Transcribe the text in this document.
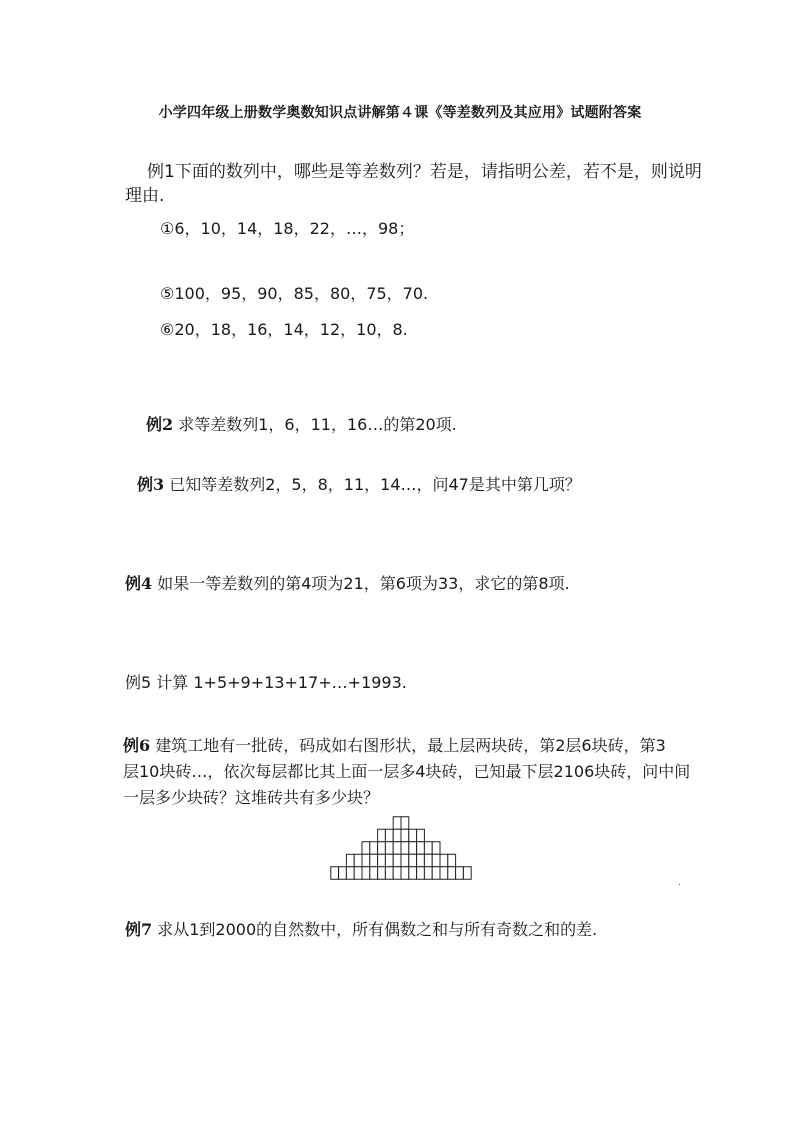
小学四年级上册数学奥数知识点讲解第４课《等差数列及其应用》试题附答案
例1下面的数列中，哪些是等差数列？若是，请指明公差，若不是，则说明
理由.
①6，10，14，18，22，…，98；
⑤100，95，90，85，80，75，70.
⑥20，18，16，14，12，10，8.
例2 求等差数列1，6，11，16…的第20项.
例3 已知等差数列2，5，8，11，14…，问47是其中第几项？
例4 如果一等差数列的第4项为21，第6项为33，求它的第8项.
例5 计算 1+5+9+13+17+…+1993.
例6 建筑工地有一批砖，码成如右图形状，最上层两块砖，第2层6块砖，第3
层10块砖…，依次每层都比其上面一层多4块砖，已知最下层2106块砖，问中间
一层多少块砖？这堆砖共有多少块？
·
例7 求从1到2000的自然数中，所有偶数之和与所有奇数之和的差.
